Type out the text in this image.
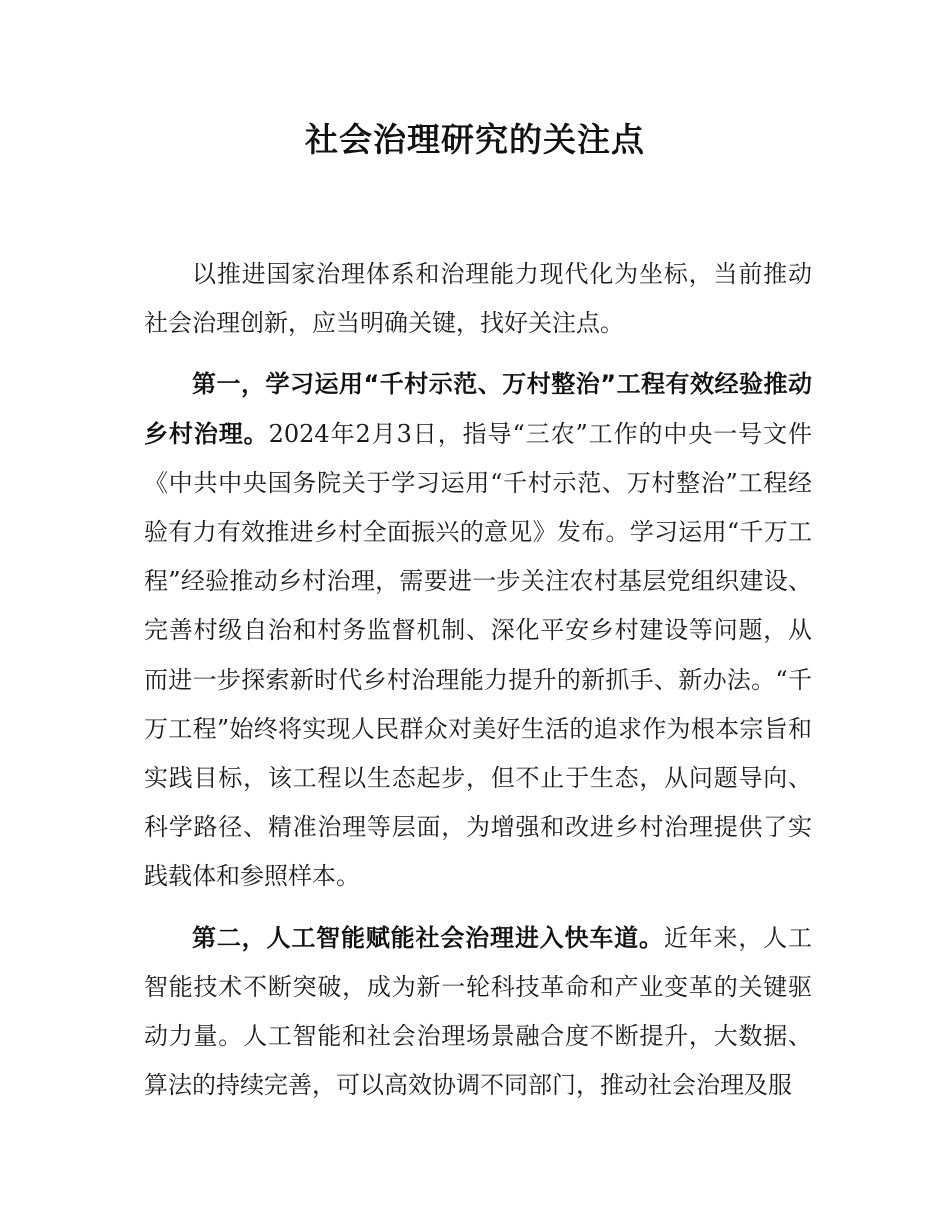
社会治理研究的关注点

以推进国家治理体系和治理能力现代化为坐标，当前推动社会治理创新，应当明确关键，找好关注点。

第一，学习运用“千村示范、万村整治”工程有效经验推动乡村治理。2024年2月3日，指导“三农”工作的中央一号文件《中共中央国务院关于学习运用“千村示范、万村整治”工程经验有力有效推进乡村全面振兴的意见》发布。学习运用“千万工程”经验推动乡村治理，需要进一步关注农村基层党组织建设、完善村级自治和村务监督机制、深化平安乡村建设等问题，从而进一步探索新时代乡村治理能力提升的新抓手、新办法。“千万工程”始终将实现人民群众对美好生活的追求作为根本宗旨和实践目标，该工程以生态起步，但不止于生态，从问题导向、科学路径、精准治理等层面，为增强和改进乡村治理提供了实践载体和参照样本。

第二，人工智能赋能社会治理进入快车道。近年来，人工智能技术不断突破，成为新一轮科技革命和产业变革的关键驱动力量。人工智能和社会治理场景融合度不断提升，大数据、算法的持续完善，可以高效协调不同部门，推动社会治理及服
